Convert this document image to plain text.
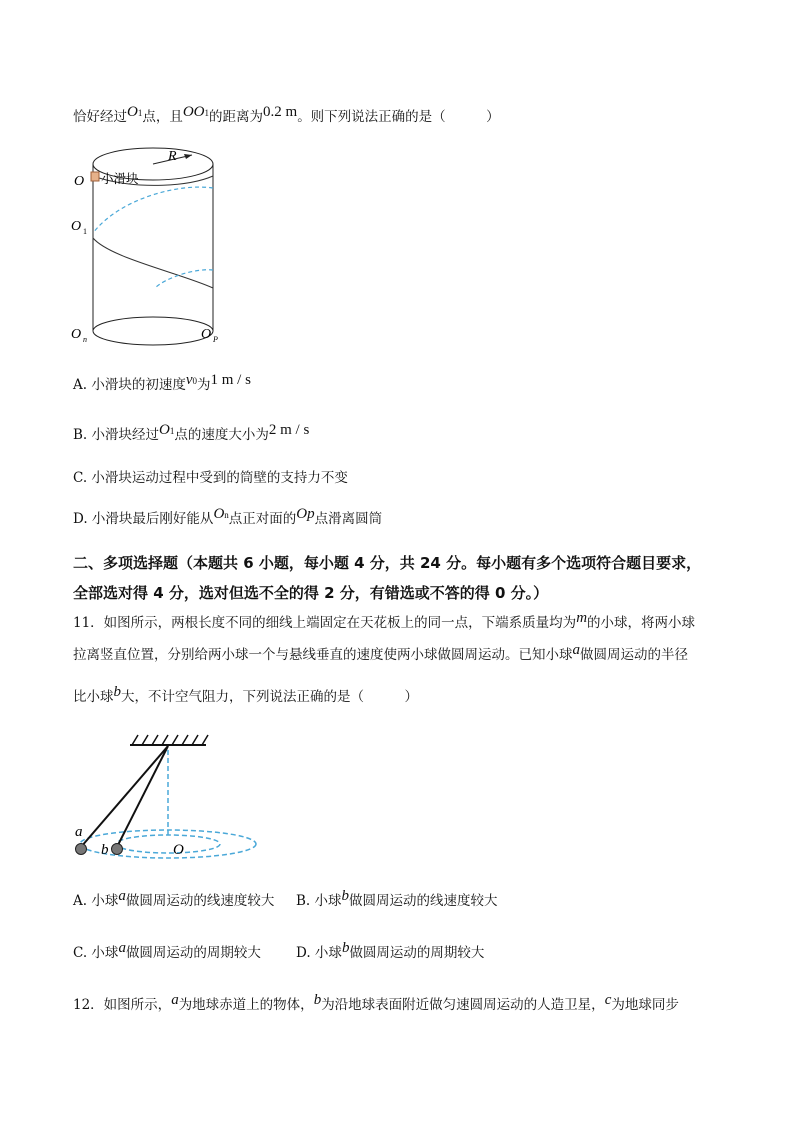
恰好经过O1点，且OO1的距离为0.2 m。则下列说法正确的是（　　　）
R
小滑块
O
O 1
O n	O P
A. 小滑块的初速度v0为1 m / s
B. 小滑块经过O1点的速度大小为2 m / s
C. 小滑块运动过程中受到的筒壁的支持力不变
D. 小滑块最后刚好能从On点正对面的Op点滑离圆筒
二、多项选择题（本题共 6 小题，每小题 4 分，共 24 分。每小题有多个选项符合题目要求，
全部选对得 4 分，选对但选不全的得 2 分，有错选或不答的得 0 分。）
11．如图所示，两根长度不同的细线上端固定在天花板上的同一点，下端系质量均为m的小球，将两小球
拉离竖直位置，分别给两小球一个与悬线垂直的速度使两小球做圆周运动。已知小球a做圆周运动的半径
比小球b大，不计空气阻力，下列说法正确的是（　　　）
a
b	O
A. 小球a做圆周运动的线速度较大 B. 小球b做圆周运动的线速度较大
C. 小球a做圆周运动的周期较大	D. 小球b做圆周运动的周期较大
12．如图所示，a为地球赤道上的物体，b为沿地球表面附近做匀速圆周运动的人造卫星，c为地球同步
